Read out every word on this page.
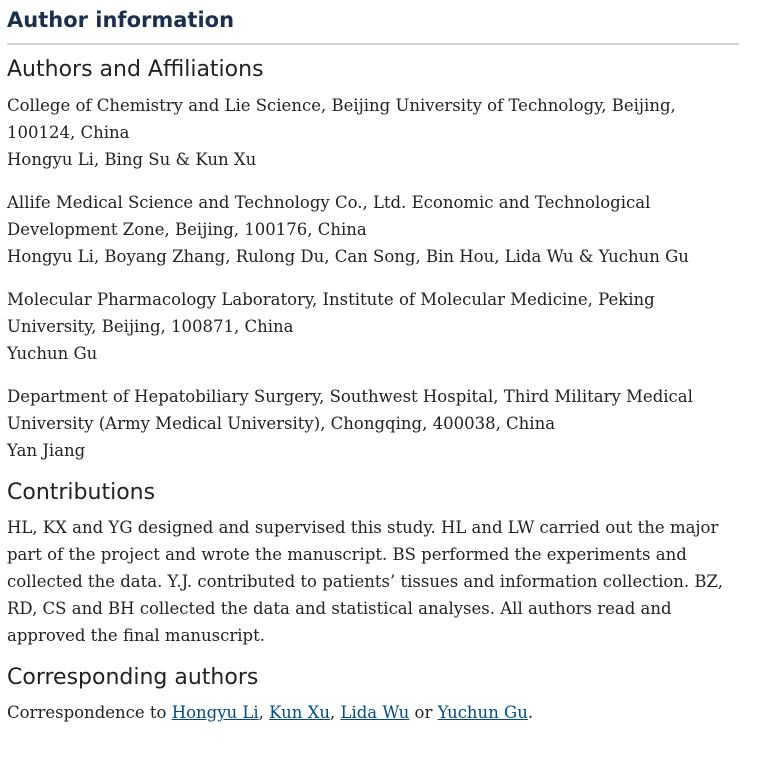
Author information
Authors and Affiliations

College of Chemistry and Lie Science, Beijing University of Technology, Beijing, 100124, China

Hongyu Li, Bing Su & Kun Xu

Allife Medical Science and Technology Co., Ltd. Economic and Technological Development Zone, Beijing, 100176, China

Hongyu Li, Boyang Zhang, Rulong Du, Can Song, Bin Hou, Lida Wu & Yuchun Gu

Molecular Pharmacology Laboratory, Institute of Molecular Medicine, Peking University, Beijing, 100871, China

Yuchun Gu

Department of Hepatobiliary Surgery, Southwest Hospital, Third Military Medical University (Army Medical University), Chongqing, 400038, China

Yan Jiang

Contributions

HL, KX and YG designed and supervised this study. HL and LW carried out the major part of the project and wrote the manuscript. BS performed the experiments and collected the data. Y.J. contributed to patients’ tissues and information collection. BZ, RD, CS and BH collected the data and statistical analyses. All authors read and approved the final manuscript.

Corresponding authors

Correspondence to Hongyu Li, Kun Xu, Lida Wu or Yuchun Gu.
